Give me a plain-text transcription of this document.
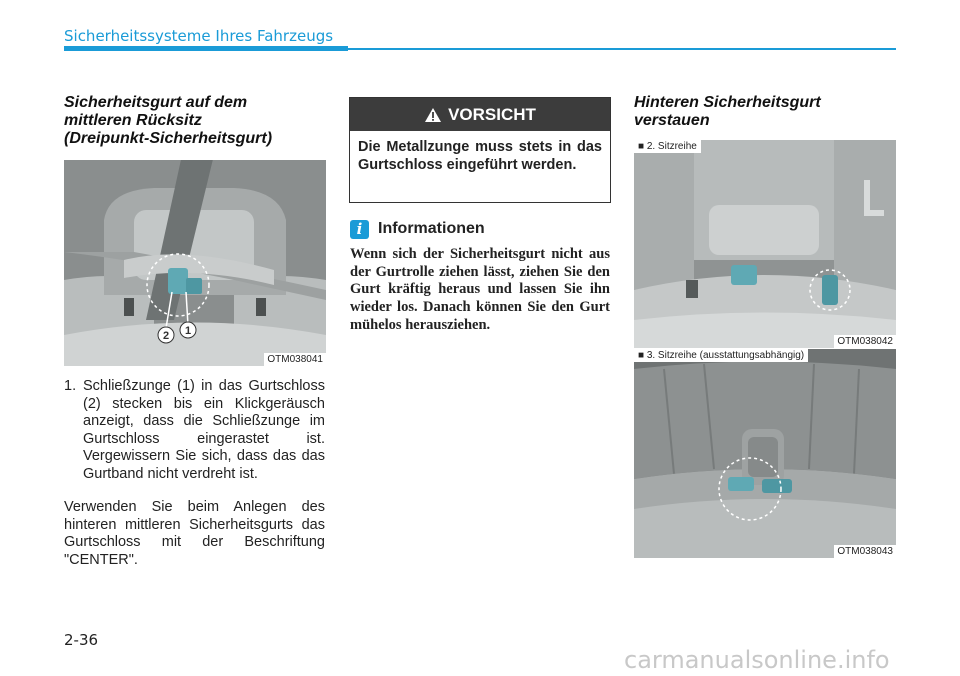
Sicherheitssysteme Ihres Fahrzeugs
Sicherheitsgurt auf dem
mittleren Rücksitz
(Dreipunkt-Sicherheitsgurt)
2 1
OTM038041
1. Schließzunge (1) in das Gurtschloss (2) stecken bis ein Klickgeräusch anzeigt, dass die Schließzunge im Gurtschloss eingerastet ist. Vergewissern Sie sich, dass das das Gurtband nicht verdreht ist.
Verwenden Sie beim Anlegen des hinteren mittleren Sicherheitsgurts das Gurtschloss mit der Beschriftung "CENTER".
VORSICHT
Die Metallzunge muss stets in das Gurtschloss eingeführt werden.
i Informationen
Wenn sich der Sicherheitsgurt nicht aus der Gurtrolle ziehen lässt, ziehen Sie den Gurt kräftig heraus und lassen Sie ihn wieder los. Danach können Sie den Gurt mühelos herausziehen.
Hinteren Sicherheitsgurt
verstauen
■ 2. Sitzreihe
OTM038042
■ 3. Sitzreihe (ausstattungsabhängig)
OTM038043
2-36
carmanualsonline.info
